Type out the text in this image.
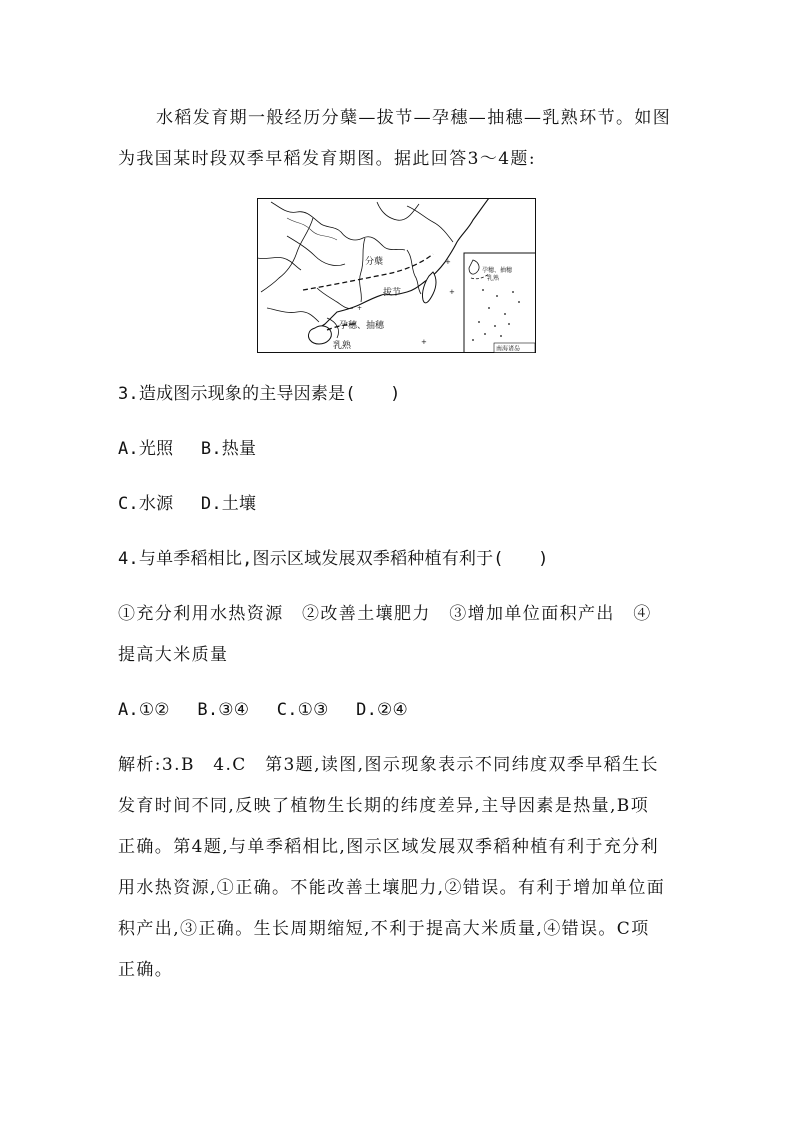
水稻发育期一般经历分蘖—拔节—孕穗—抽穗—乳熟环节。如图
为我国某时段双季早稻发育期图。据此回答3～4题:
+
+
+
+
分蘖
拔节
孕穗、抽穗
乳熟
孕穗、抽穗
乳熟
南海诸岛
3.造成图示现象的主导因素是(　　)
A.光照　 B.热量
C.水源　 D.土壤
4.与单季稻相比,图示区域发展双季稻种植有利于(　　)
①充分利用水热资源　②改善土壤肥力　③增加单位面积产出　④
提高大米质量
A.①②　 B.③④　 C.①③　 D.②④
解析:3.B　4.C　第3题,读图,图示现象表示不同纬度双季早稻生长
发育时间不同,反映了植物生长期的纬度差异,主导因素是热量,B项
正确。第4题,与单季稻相比,图示区域发展双季稻种植有利于充分利
用水热资源,①正确。不能改善土壤肥力,②错误。有利于增加单位面
积产出,③正确。生长周期缩短,不利于提高大米质量,④错误。C项
正确。
